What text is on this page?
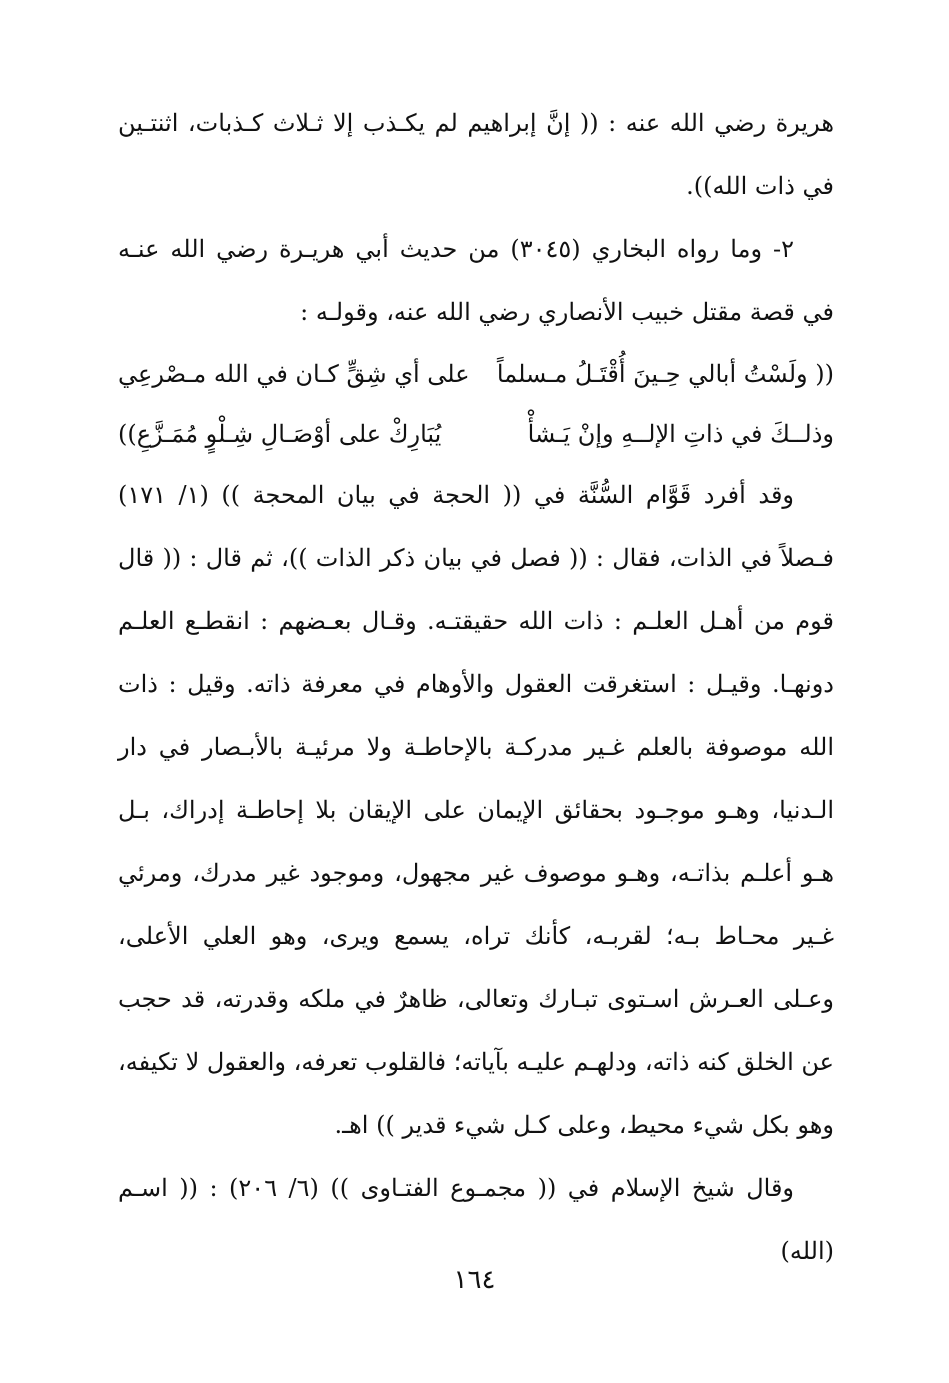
هريرة رضي الله عنه : (( إنَّ إبراهيم لم يكـذب إلا ثـلاث كـذبات، اثنتـين في ذات الله)).

٢- وما رواه البخاري (٣٠٤٥) من حديث أبي هريـرة رضي الله عنـه في قصة مقتل خبيب الأنصاري رضي الله عنه، وقولـه :

(( ولَسْتُ أبالي حِـينَ أُقْتَـلُ مـسلماً
على أي شِقٍّ كـان في الله مـصْرعِي
وذلــكَ في ذاتِ الإلــهِ وإنْ يَـشأْ
يُبَارِكْ على أوْصَـالِ شِـلْوٍ مُمَـزَّعِ))

وقد أفرد قَوَّام السُّنَّة في (( الحجة في بيان المحجة )) (١/ ١٧١) فـصلاً في الذات، فقال : (( فصل في بيان ذكر الذات ))، ثم قال : (( قال قوم من أهـل العلـم : ذات الله حقيقتـه. وقـال بعـضهم : انقطـع العلـم دونهـا. وقيـل : استغرقت العقول والأوهام في معرفة ذاته. وقيل : ذات الله موصوفة بالعلم غـير مدركـة بالإحاطـة ولا مرئيـة بالأبـصار في دار الـدنيا، وهـو موجـود بحقائق الإيمان على الإيقان بلا إحاطـة إدراك، بـل هـو أعلـم بذاتـه، وهـو موصوف غير مجهول، وموجود غير مدرك، ومرئي غـير محـاط بـه؛ لقربـه، كأنك تراه، يسمع ويرى، وهو العلي الأعلى، وعـلى العـرش اسـتوى تبـارك وتعالى، ظاهرٌ في ملكه وقدرته، قد حجب عن الخلق كنه ذاته، ودلهـم عليـه بآياته؛ فالقلوب تعرفه، والعقول لا تكيفه، وهو بكل شيء محيط، وعلى كـل شيء قدير )) اهـ.

وقال شيخ الإسلام في (( مجمـوع الفتـاوى )) (٦/ ٢٠٦) : (( اسـم (الله)

١٦٤
